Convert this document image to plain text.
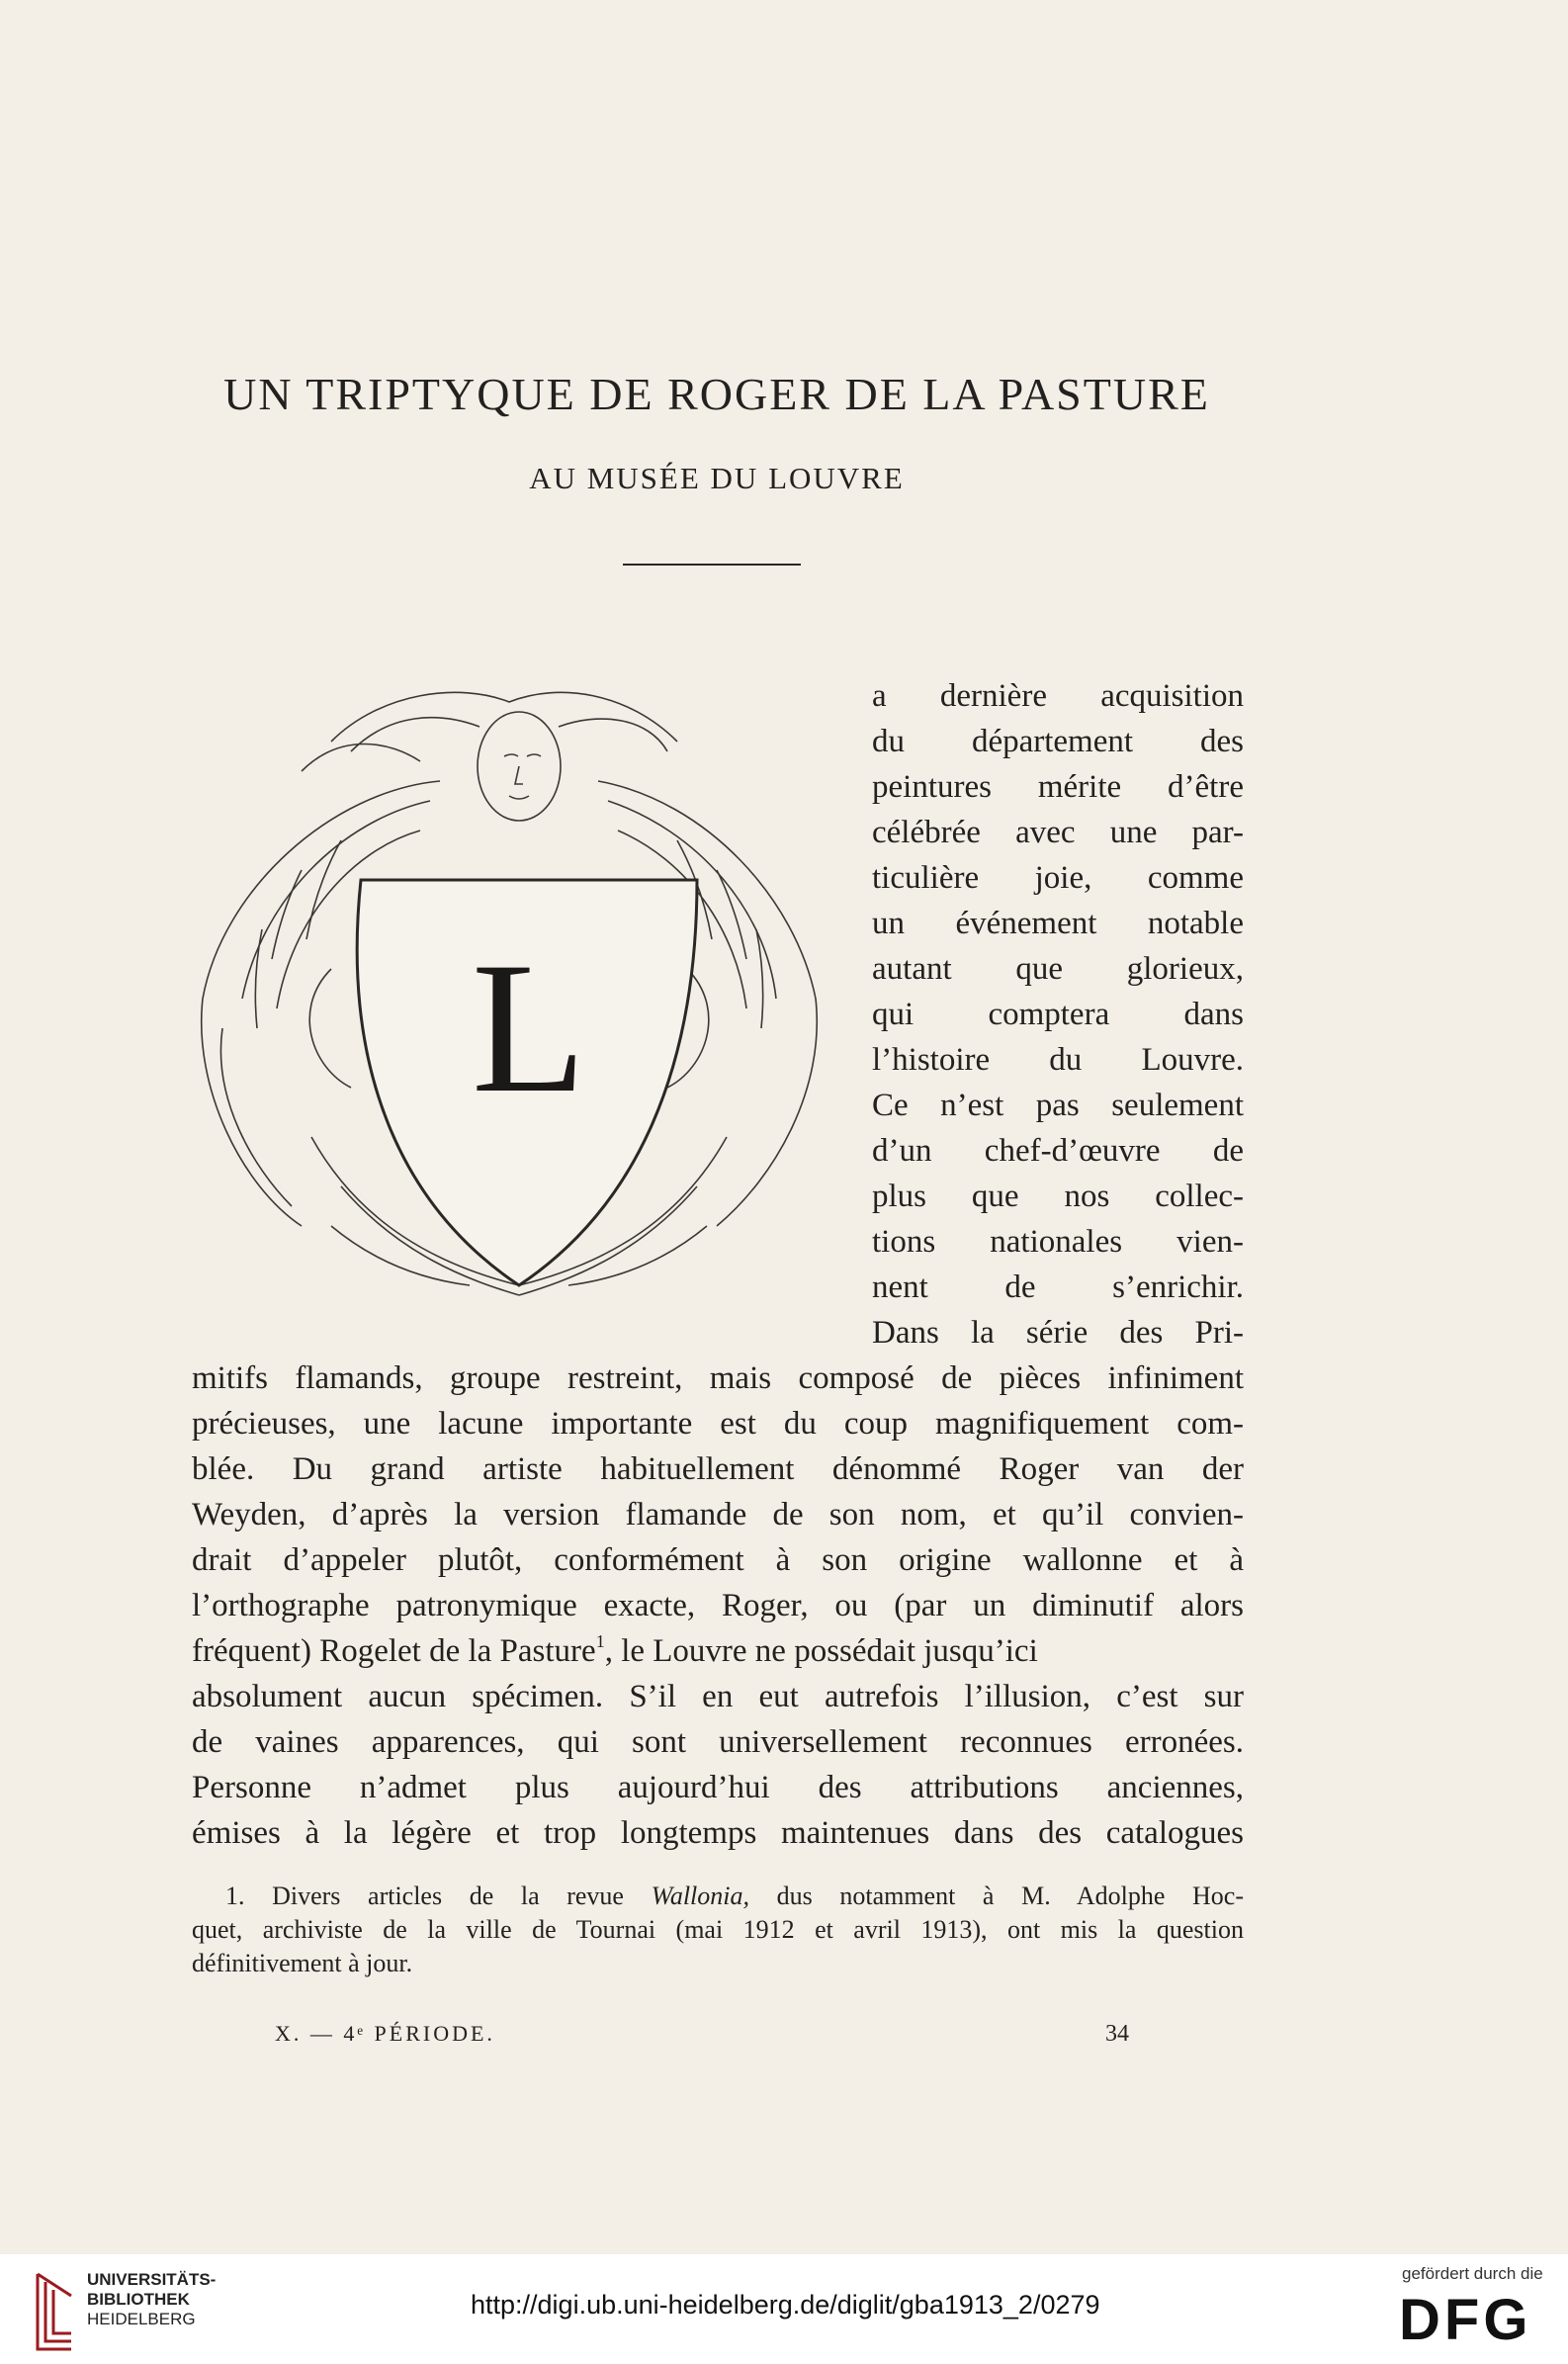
UN TRIPTYQUE DE ROGER DE LA PASTURE
AU MUSÉE DU LOUVRE
L
a dernière acquisition
du département des
peintures mérite d’être
célébrée avec une par-
ticulière joie, comme
un événement notable
autant que glorieux,
qui comptera dans
l’histoire du Louvre.
Ce n’est pas seulement
d’un chef-d’œuvre de
plus que nos collec-
tions nationales vien-
nent de s’enrichir.
Dans la série des Pri-
mitifs flamands, groupe restreint, mais composé de pièces infiniment
précieuses, une lacune importante est du coup magnifiquement com-
blée. Du grand artiste habituellement dénommé Roger van der
Weyden, d’après la version flamande de son nom, et qu’il convien-
drait d’appeler plutôt, conformément à son origine wallonne et à
l’orthographe patronymique exacte, Roger, ou (par un diminutif alors
fréquent) Rogelet de la Pasture$^1$, le Louvre ne possédait jusqu’ici
absolument aucun spécimen. S’il en eut autrefois l’illusion, c’est sur
de vaines apparences, qui sont universellement reconnues erronées.
Personne n’admet plus aujourd’hui des attributions anciennes,
émises à la légère et trop longtemps maintenues dans des catalogues
1. Divers articles de la revue Wallonia, dus notamment à M. Adolphe Hoc-
quet, archiviste de la ville de Tournai (mai 1912 et avril 1913), ont mis la question
définitivement à jour.
X. — 4ᵉ PÉRIODE.	34
UNIVERSITÄTS-
BIBLIOTHEK
HEIDELBERG	http://digi.ub.uni-heidelberg.de/diglit/gba1913_2/0279
gefördert durch die
DFG
